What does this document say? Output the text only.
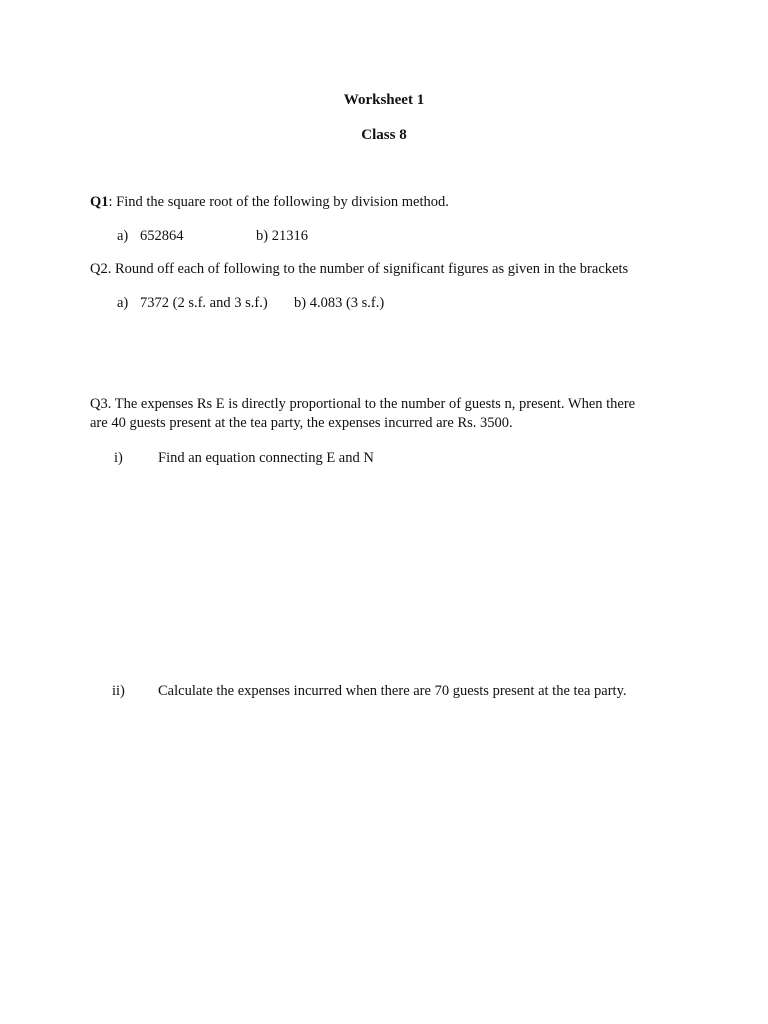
Worksheet 1
Class 8
Q1: Find the square root of the following by division method.
a) 652864	b) 21316
Q2. Round off each of following to the number of significant figures as given in the brackets
a) 7372 (2 s.f. and 3 s.f.) b) 4.083 (3 s.f.)
Q3. The expenses Rs E is directly proportional to the number of guests n, present. When there
are 40 guests present at the tea party, the expenses incurred are Rs. 3500.
i) Find an equation connecting E and N
ii) Calculate the expenses incurred when there are 70 guests present at the tea party.
